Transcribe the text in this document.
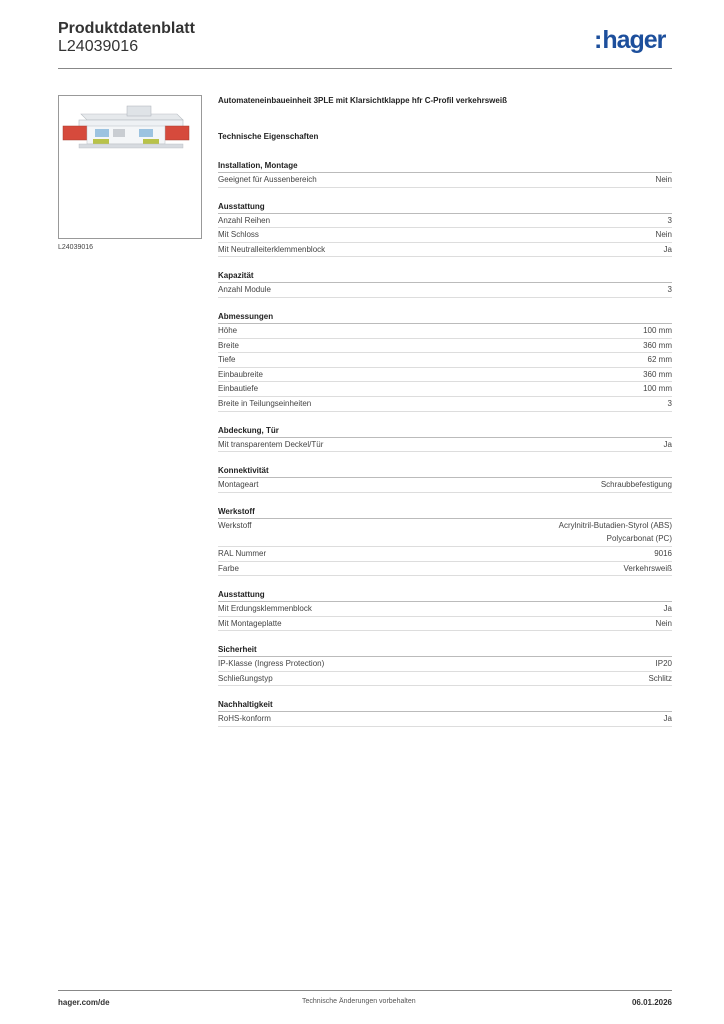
Produktdatenblatt
L24039016	:hager
L24039016
Automateneinbaueinheit 3PLE mit Klarsichtklappe hfr C-Profil verkehrsweiß
Technische Eigenschaften
Installation, Montage
Geeignet für Aussenbereich	Nein
Ausstattung
Anzahl Reihen	3
Mit Schloss	Nein
Mit Neutralleiterklemmenblock	Ja
Kapazität
Anzahl Module	3
Abmessungen
Höhe	100 mm
Breite	360 mm
Tiefe	62 mm
Einbaubreite	360 mm
Einbautiefe	100 mm
Breite in Teilungseinheiten	3
Abdeckung, Tür
Mit transparentem Deckel/Tür	Ja
Konnektivität
Montageart	Schraubbefestigung
Werkstoff
Werkstoff	Acrylnitril-Butadien-Styrol (ABS)
Polycarbonat (PC)
RAL Nummer	9016
Farbe	Verkehrsweiß
Ausstattung
Mit Erdungsklemmenblock	Ja
Mit Montageplatte	Nein
Sicherheit
IP-Klasse (Ingress Protection)	IP20
Schließungstyp	Schlitz
Nachhaltigkeit
RoHS-konform	Ja
hager.com/de	Technische Änderungen vorbehalten	06.01.2026
